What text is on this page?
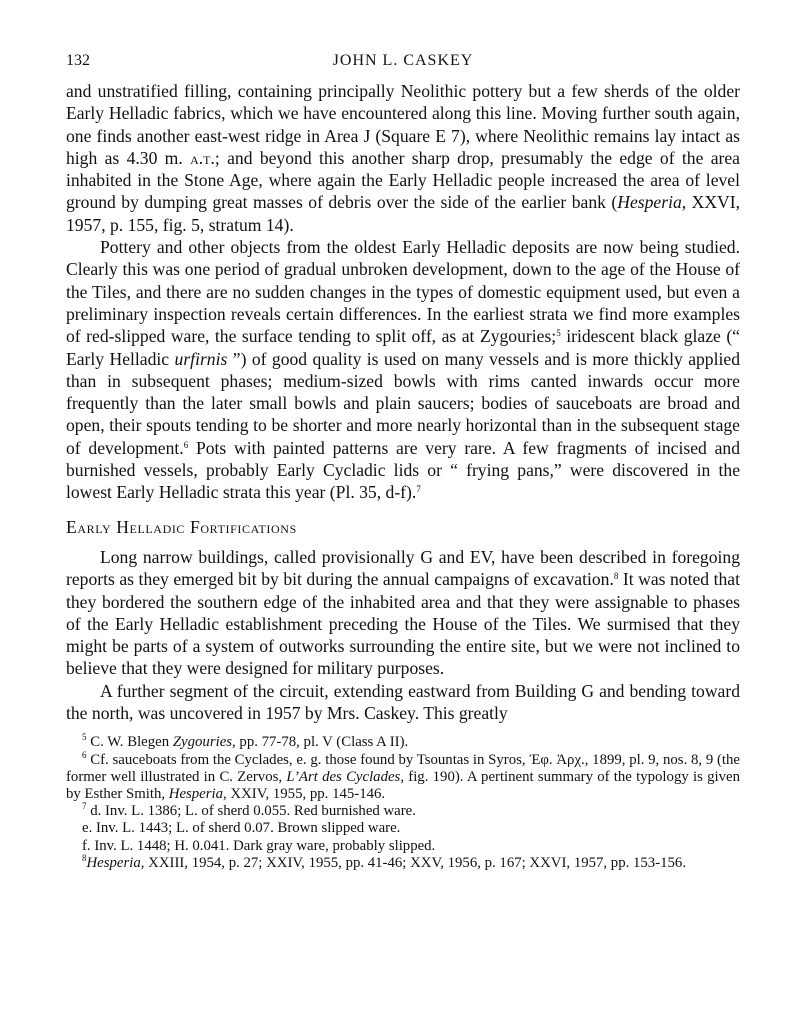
132	JOHN L. CASKEY

and unstratified filling, containing principally Neolithic pottery but a few sherds of the older Early Helladic fabrics, which we have encountered along this line. Moving further south again, one finds another east-west ridge in Area J (Square E 7), where Neolithic remains lay intact as high as 4.30 m. a.t.; and beyond this another sharp drop, presumably the edge of the area inhabited in the Stone Age, where again the Early Helladic people increased the area of level ground by dumping great masses of debris over the side of the earlier bank (Hesperia, XXVI, 1957, p. 155, fig. 5, stratum 14).

Pottery and other objects from the oldest Early Helladic deposits are now being studied. Clearly this was one period of gradual unbroken development, down to the age of the House of the Tiles, and there are no sudden changes in the types of domestic equipment used, but even a preliminary inspection reveals certain differences. In the earliest strata we find more examples of red-slipped ware, the surface tending to split off, as at Zygouries;$^5$ iridescent black glaze (“ Early Helladic urfirnis ”) of good quality is used on many vessels and is more thickly applied than in subsequent phases; medium-sized bowls with rims canted inwards occur more frequently than the later small bowls and plain saucers; bodies of sauceboats are broad and open, their spouts tending to be shorter and more nearly horizontal than in the subsequent stage of development.$^6$ Pots with painted patterns are very rare. A few fragments of incised and burnished vessels, probably Early Cycladic lids or “ frying pans,” were discovered in the lowest Early Helladic strata this year (Pl. 35, d-f).$^7$

Early Helladic Fortifications

Long narrow buildings, called provisionally G and EV, have been described in foregoing reports as they emerged bit by bit during the annual campaigns of excavation.$^8$ It was noted that they bordered the southern edge of the inhabited area and that they were assignable to phases of the Early Helladic establishment preceding the House of the Tiles. We surmised that they might be parts of a system of outworks surrounding the entire site, but we were not inclined to believe that they were designed for military purposes.

A further segment of the circuit, extending eastward from Building G and bending toward the north, was uncovered in 1957 by Mrs. Caskey. This greatly

$^5$ C. W. Blegen Zygouries, pp. 77-78, pl. V (Class A II).

$^6$ Cf. sauceboats from the Cyclades, e. g. those found by Tsountas in Syros, Ἐφ. Ἀρχ., 1899, pl. 9, nos. 8, 9 (the former well illustrated in C. Zervos, L’Art des Cyclades, fig. 190). A pertinent summary of the typology is given by Esther Smith, Hesperia, XXIV, 1955, pp. 145-146.

$^7$ d. Inv. L. 1386; L. of sherd 0.055. Red burnished ware.

e. Inv. L. 1443; L. of sherd 0.07. Brown slipped ware.

f. Inv. L. 1448; H. 0.041. Dark gray ware, probably slipped.

$^8$Hesperia, XXIII, 1954, p. 27; XXIV, 1955, pp. 41-46; XXV, 1956, p. 167; XXVI, 1957, pp. 153-156.
